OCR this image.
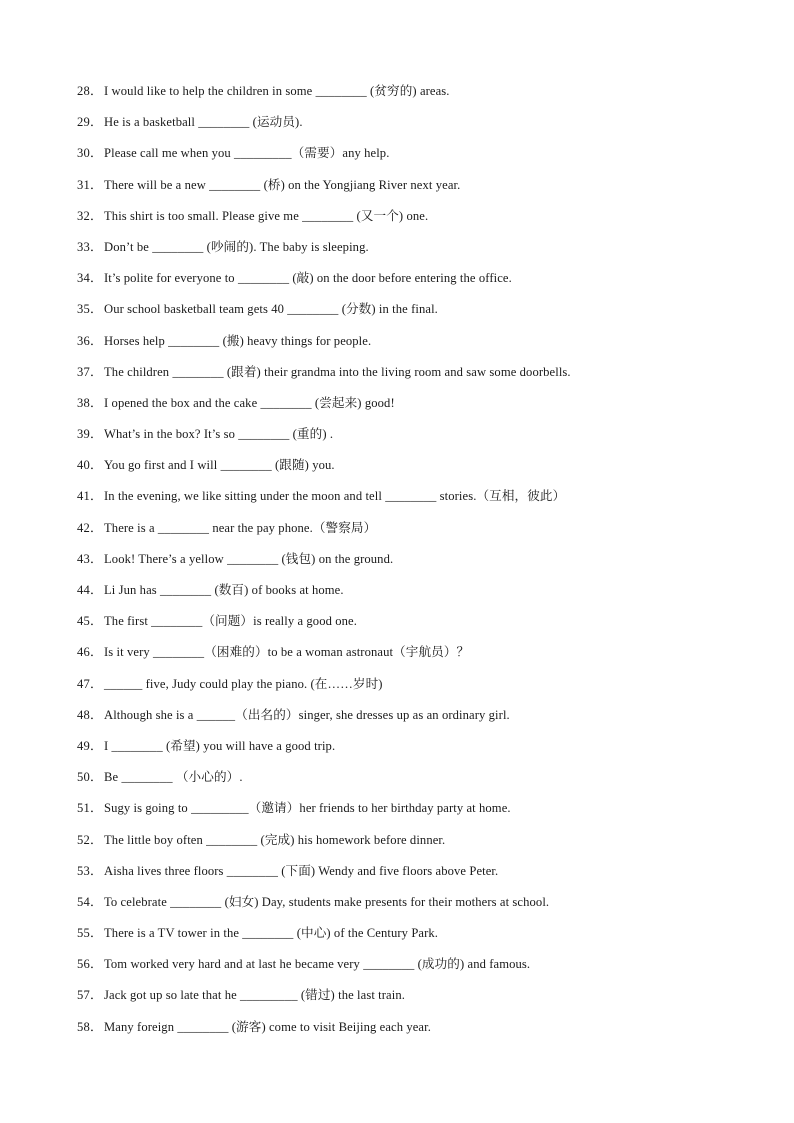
28． I would like to help the children in some ________ (贫穷的) areas.
29． He is a basketball ________ (运动员).
30． Please call me when you _________（需要）any help.
31． There will be a new ________ (桥) on the Yongjiang River next year.
32． This shirt is too small. Please give me ________ (又一个) one.
33． Don’t be ________ (吵闹的). The baby is sleeping.
34． It’s polite for everyone to ________ (敲) on the door before entering the office.
35． Our school basketball team gets 40 ________ (分数) in the final.
36． Horses help ________ (搬) heavy things for people.
37． The children ________ (跟着) their grandma into the living room and saw some doorbells.
38． I opened the box and the cake ________ (尝起来) good!
39． What’s in the box? It’s so ________ (重的) .
40． You go first and I will ________ (跟随) you.
41． In the evening, we like sitting under the moon and tell ________ stories.（互相，彼此）
42． There is a ________ near the pay phone.（警察局）
43． Look! There’s a yellow ________ (钱包) on the ground.
44． Li Jun has ________ (数百) of books at home.
45． The first ________（问题）is really a good one.
46． Is it very ________（困难的）to be a woman astronaut（宇航员）？
47． ______ five, Judy could play the piano. (在……岁时)
48． Although she is a ______（出名的）singer, she dresses up as an ordinary girl.
49． I ________ (希望) you will have a good trip.
50． Be ________ （小心的）.
51． Sugy is going to _________（邀请）her friends to her birthday party at home.
52． The little boy often ________ (完成) his homework before dinner.
53． Aisha lives three floors ________ (下面) Wendy and five floors above Peter.
54． To celebrate ________ (妇女) Day, students make presents for their mothers at school.
55． There is a TV tower in the ________ (中心) of the Century Park.
56． Tom worked very hard and at last he became very ________ (成功的) and famous.
57． Jack got up so late that he _________ (错过) the last train.
58． Many foreign ________ (游客) come to visit Beijing each year.
